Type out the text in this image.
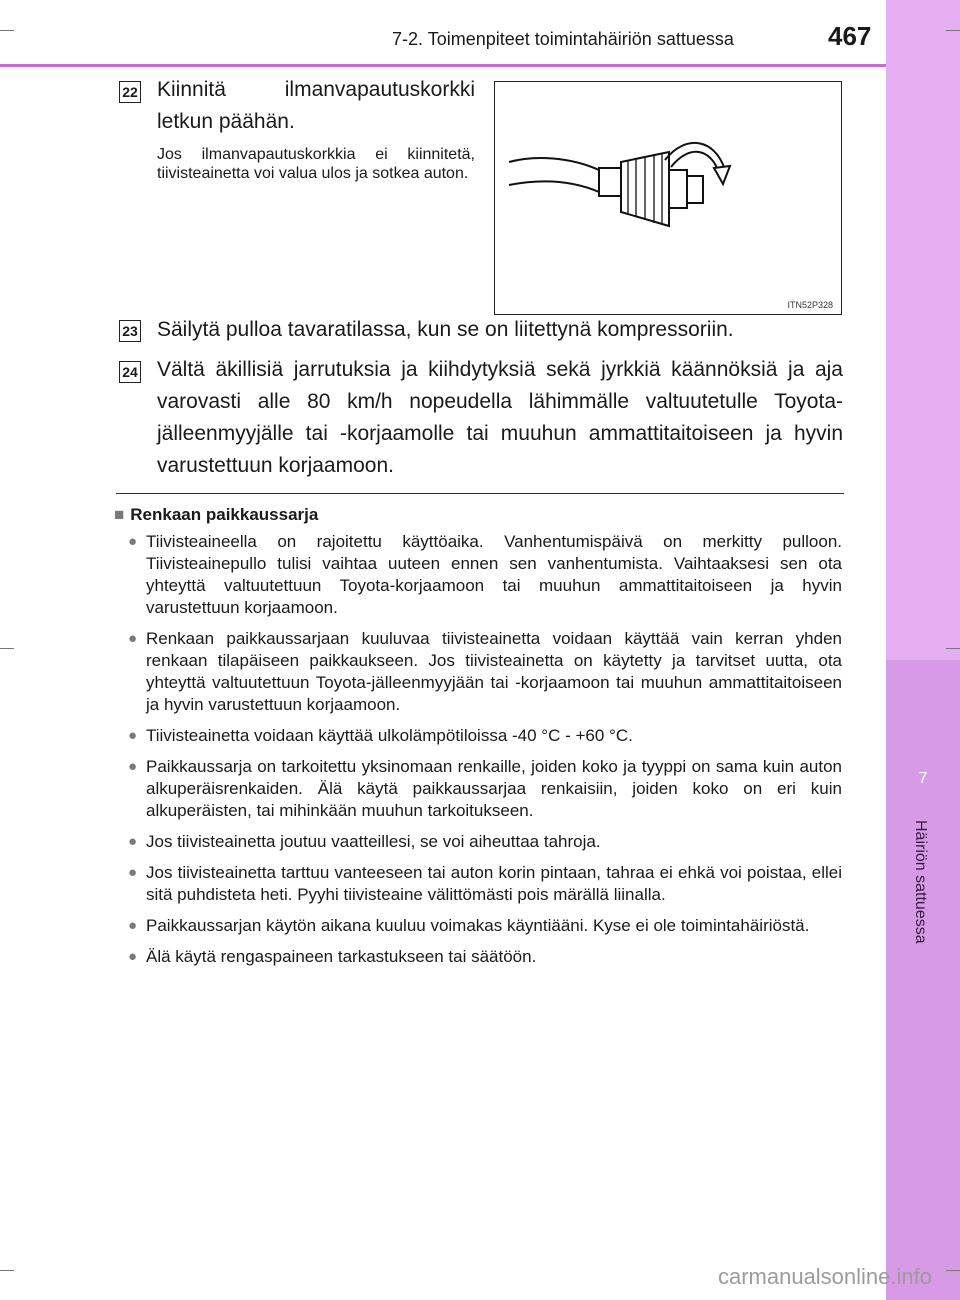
7
Häiriön sattuessa
7-2. Toimenpiteet toimintahäiriön sattuessa	467
22 Kiinnitä ilmanvapautuskorkki letkun päähän.
Jos ilmanvapautuskorkkia ei kiinnitetä, tiivisteainetta voi valua ulos ja sotkea auton.
ITN52P328
23 Säilytä pulloa tavaratilassa, kun se on liitettynä kompressoriin.
24 Vältä äkillisiä jarrutuksia ja kiihdytyksiä sekä jyrkkiä käännöksiä ja aja varovasti alle 80 km/h nopeudella lähimmälle valtuutetulle Toyota-jälleenmyyjälle tai -korjaamolle tai muuhun ammattitaitoiseen ja hyvin varustettuun korjaamoon.
■ Renkaan paikkaussarja
● Tiivisteaineella on rajoitettu käyttöaika. Vanhentumispäivä on merkitty pulloon. Tiivisteainepullo tulisi vaihtaa uuteen ennen sen vanhentumista. Vaihtaaksesi sen ota yhteyttä valtuutettuun Toyota-korjaamoon tai muuhun ammattitaitoiseen ja hyvin varustettuun korjaamoon.
● Renkaan paikkaussarjaan kuuluvaa tiivisteainetta voidaan käyttää vain kerran yhden renkaan tilapäiseen paikkaukseen. Jos tiivisteainetta on käytetty ja tarvitset uutta, ota yhteyttä valtuutettuun Toyota-jälleenmyyjään tai -korjaamoon tai muuhun ammattitaitoiseen ja hyvin varustettuun korjaamoon.
● Tiivisteainetta voidaan käyttää ulkolämpötiloissa -40 °C - +60 °C.
● Paikkaussarja on tarkoitettu yksinomaan renkaille, joiden koko ja tyyppi on sama kuin auton alkuperäisrenkaiden. Älä käytä paikkaussarjaa renkaisiin, joiden koko on eri kuin alkuperäisten, tai mihinkään muuhun tarkoitukseen.
● Jos tiivisteainetta joutuu vaatteillesi, se voi aiheuttaa tahroja.
● Jos tiivisteainetta tarttuu vanteeseen tai auton korin pintaan, tahraa ei ehkä voi poistaa, ellei sitä puhdisteta heti. Pyyhi tiivisteaine välittömästi pois märällä liinalla.
● Paikkaussarjan käytön aikana kuuluu voimakas käyntiääni. Kyse ei ole toimintahäiriöstä.
● Älä käytä rengaspaineen tarkastukseen tai säätöön.
carmanualsonline.info
